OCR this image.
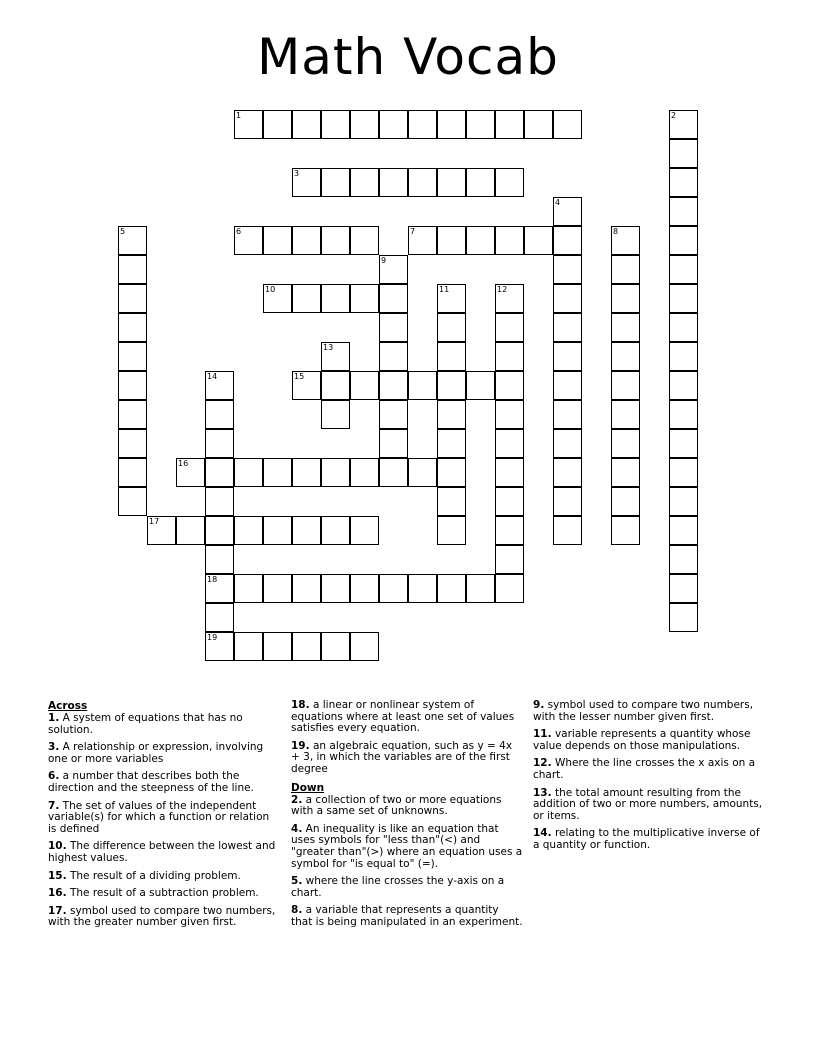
Math Vocab
1	2
3
4
5	6	7	8
9
10	11	12
13
14	15
16
17
18
19
Across
1. A system of equations that has no solution.
3. A relationship or expression, involving one or more variables
6. a number that describes both the direction and the steepness of the line.
7. The set of values of the independent variable(s) for which a function or relation is defined
10. The difference between the lowest and highest values.
15. The result of a dividing problem.
16. The result of a subtraction problem.
17. symbol used to compare two numbers, with the greater number given first.
18. a linear or nonlinear system of equations where at least one set of values satisfies every equation.
19. an algebraic equation, such as y = 4x + 3, in which the variables are of the first degree
Down
2. a collection of two or more equations with a same set of unknowns.
4. An inequality is like an equation that uses symbols for "less than"(<) and "greater than"(>) where an equation uses a symbol for "is equal to" (=).
5. where the line crosses the y-axis on a chart.
8. a variable that represents a quantity that is being manipulated in an experiment.
9. symbol used to compare two numbers, with the lesser number given first.
11. variable represents a quantity whose value depends on those manipulations.
12. Where the line crosses the x axis on a chart.
13. the total amount resulting from the addition of two or more numbers, amounts, or items.
14. relating to the multiplicative inverse of a quantity or function.
